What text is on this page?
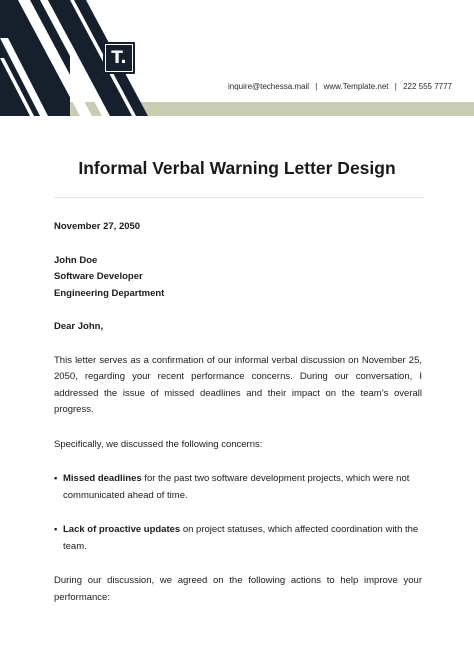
T.
inquire@techessa.mail | www.Template.net | 222 555 7777
Informal Verbal Warning Letter Design

November 27, 2050

John Doe

Software Developer

Engineering Department

Dear John,

This letter serves as a confirmation of our informal verbal discussion on November 25, 2050, regarding your recent performance concerns. During our conversation, I addressed the issue of missed deadlines and their impact on the team’s overall progress.

Specifically, we discussed the following concerns:

• Missed deadlines for the past two software development projects, which were not communicated ahead of time.
• Lack of proactive updates on project statuses, which affected coordination with the team.

During our discussion, we agreed on the following actions to help improve your performance:
